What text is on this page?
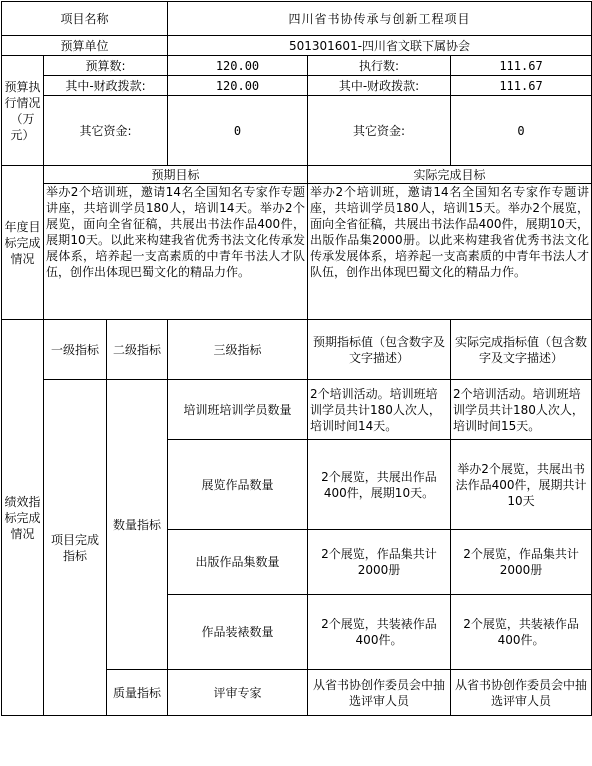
项目名称			四川省书协传承与创新工程项目		
预算单位			501301601-四川省文联下属协会		
预算执行情况（万元）	预算数:		120.00	执行数:	111.67
	其中-财政拨款:		120.00	其中-财政拨款:	111.67
	其它资金:		0	其它资金:	0
年度目标完成情况	预期目标			实际完成目标	
	举办2个培训班，邀请14名全国知名专家作专题讲座，共培训学员180人，培训14天。举办2个展览，面向全省征稿，共展出书法作品400件，展期10天。以此来构建我省优秀书法文化传承发展体系，培养起一支高素质的中青年书法人才队伍，创作出体现巴蜀文化的精品力作。			举办2个培训班，邀请14名全国知名专家作专题讲座，共培训学员180人，培训15天。举办2个展览，面向全省征稿，共展出书法作品400件，展期10天，出版作品集2000册。以此来构建我省优秀书法文化传承发展体系，培养起一支高素质的中青年书法人才队伍，创作出体现巴蜀文化的精品力作。	
绩效指标完成情况	一级指标	二级指标	三级指标	预期指标值（包含数字及文字描述）	实际完成指标值（包含数字及文字描述）
	项目完成指标	数量指标	培训班培训学员数量	2个培训活动。培训班培训学员共计180人次人，培训时间14天。	2个培训活动。培训班培训学员共计180人次人，培训时间15天。
			展览作品数量	2个展览，共展出作品400件，展期10天。	举办2个展览，共展出书法作品400件，展期共计10天
			出版作品集数量	2个展览，作品集共计2000册	2个展览，作品集共计2000册
			作品装裱数量	2个展览，共装裱作品400件。	2个展览，共装裱作品400件。

		质量指标	评审专家	从省书协创作委员会中抽选评审人员	从省书协创作委员会中抽选评审人员
